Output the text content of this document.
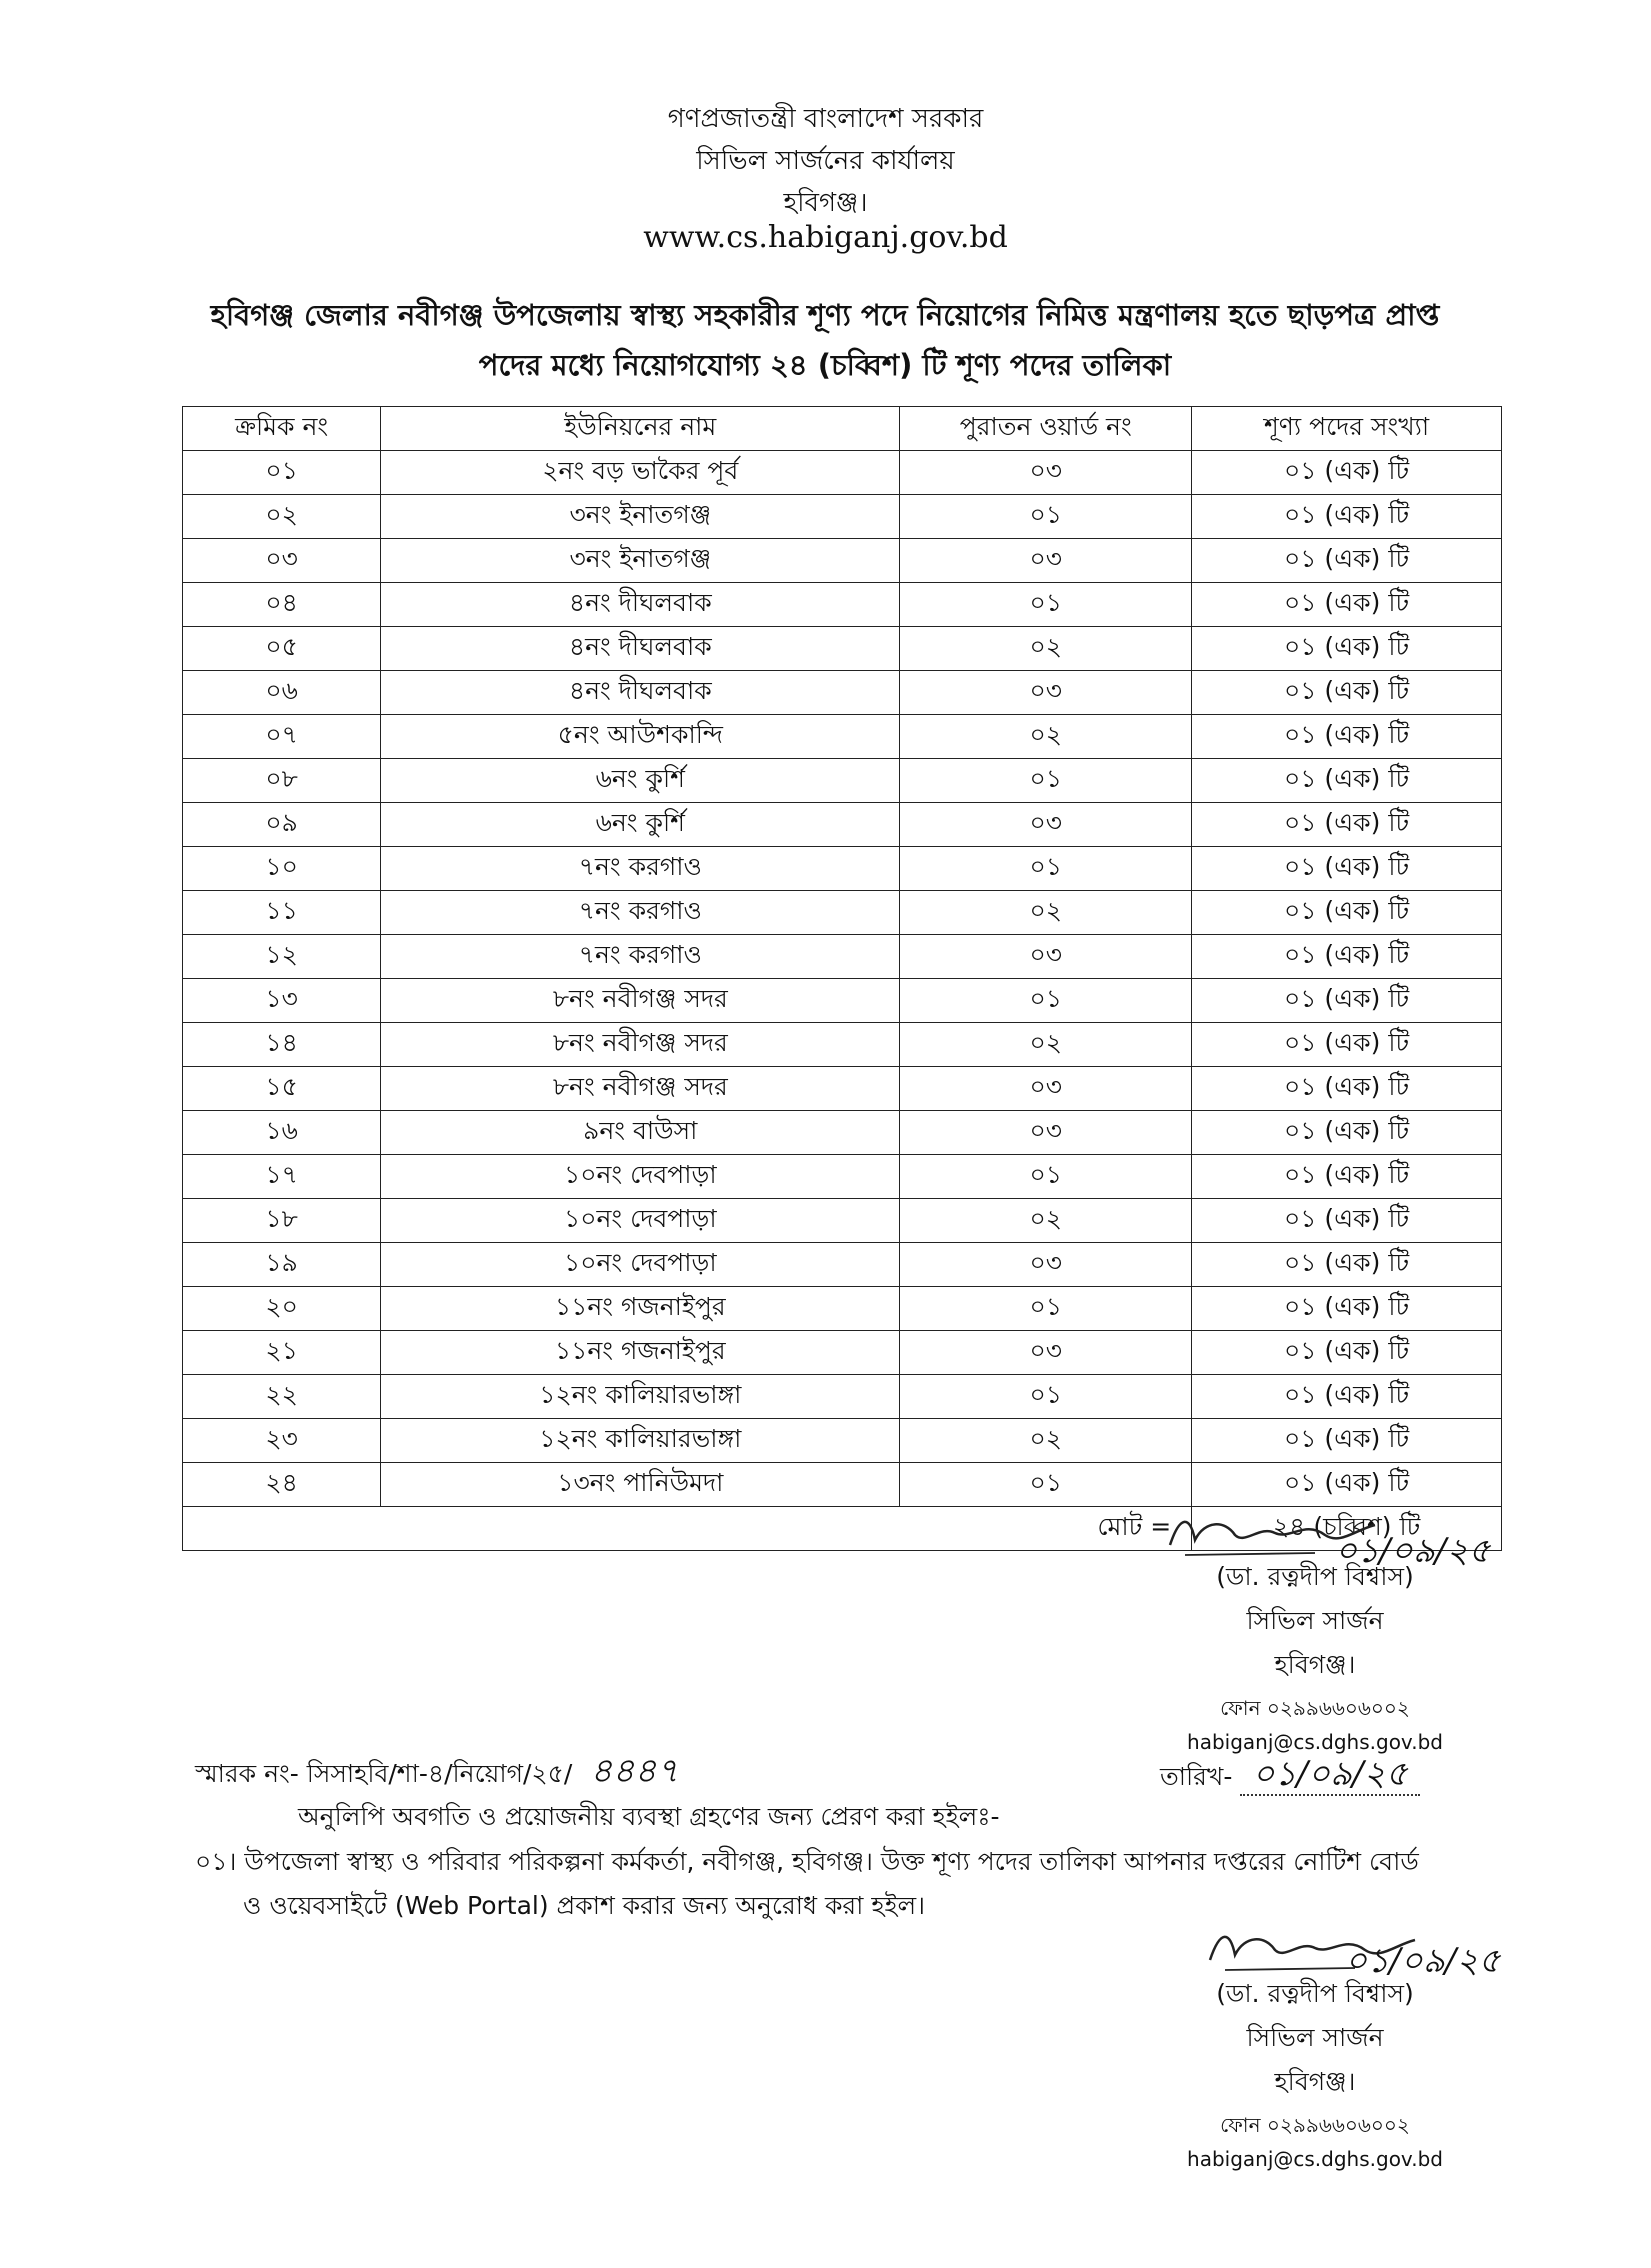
গণপ্রজাতন্ত্রী বাংলাদেশ সরকার
সিভিল সার্জনের কার্যালয়
হবিগঞ্জ।
www.cs.habiganj.gov.bd
হবিগঞ্জ জেলার নবীগঞ্জ উপজেলায় স্বাস্থ্য সহকারীর শূণ্য পদে নিয়োগের নিমিত্ত মন্ত্রণালয় হতে ছাড়পত্র প্রাপ্ত
পদের মধ্যে নিয়োগযোগ্য ২৪ (চব্বিশ) টি শূণ্য পদের তালিকা
ক্রমিক নং	ইউনিয়নের নাম	পুরাতন ওয়ার্ড নং	শূণ্য পদের সংখ্যা
০১	২নং বড় ভাকৈর পূর্ব	০৩	০১ (এক) টি
০২	৩নং ইনাতগঞ্জ	০১	০১ (এক) টি
০৩	৩নং ইনাতগঞ্জ	০৩	০১ (এক) টি
০৪	৪নং দীঘলবাক	০১	০১ (এক) টি
০৫	৪নং দীঘলবাক	০২	০১ (এক) টি
০৬	৪নং দীঘলবাক	০৩	০১ (এক) টি
০৭	৫নং আউশকান্দি	০২	০১ (এক) টি
০৮	৬নং কুর্শি	০১	০১ (এক) টি
০৯	৬নং কুর্শি	০৩	০১ (এক) টি
১০	৭নং করগাও	০১	০১ (এক) টি
১১	৭নং করগাও	০২	০১ (এক) টি
১২	৭নং করগাও	০৩	০১ (এক) টি
১৩	৮নং নবীগঞ্জ সদর	০১	০১ (এক) টি
১৪	৮নং নবীগঞ্জ সদর	০২	০১ (এক) টি
১৫	৮নং নবীগঞ্জ সদর	০৩	০১ (এক) টি
১৬	৯নং বাউসা	০৩	০১ (এক) টি
১৭	১০নং দেবপাড়া	০১	০১ (এক) টি
১৮	১০নং দেবপাড়া	০২	০১ (এক) টি
১৯	১০নং দেবপাড়া	০৩	০১ (এক) টি
২০	১১নং গজনাইপুর	০১	০১ (এক) টি
২১	১১নং গজনাইপুর	০৩	০১ (এক) টি
২২	১২নং কালিয়ারভাঙ্গা	০১	০১ (এক) টি
২৩	১২নং কালিয়ারভাঙ্গা	০২	০১ (এক) টি
২৪	১৩নং পানিউমদা	০১	০১ (এক) টি
মোট =			২৪ (চব্বিশ) টি
০১/০৯/২৫
(ডা. রত্নদীপ বিশ্বাস)
সিভিল সার্জন
হবিগঞ্জ।
ফোন ০২৯৯৬৬০৬০০২
habiganj@cs.dghs.gov.bd
স্মারক নং- সিসাহবি/শা-৪/নিয়োগ/২৫/ ৪৪৪৭	তারিখ- ০১/০৯/২৫
অনুলিপি অবগতি ও প্রয়োজনীয় ব্যবস্থা গ্রহণের জন্য প্রেরণ করা হইলঃ-
০১। উপজেলা স্বাস্থ্য ও পরিবার পরিকল্পনা কর্মকর্তা, নবীগঞ্জ, হবিগঞ্জ। উক্ত শূণ্য পদের তালিকা আপনার দপ্তরের নোটিশ বোর্ড
ও ওয়েবসাইটে (Web Portal) প্রকাশ করার জন্য অনুরোধ করা হইল।
০১/০৯/২৫
(ডা. রত্নদীপ বিশ্বাস)
সিভিল সার্জন
হবিগঞ্জ।
ফোন ০২৯৯৬৬০৬০০২
habiganj@cs.dghs.gov.bd
